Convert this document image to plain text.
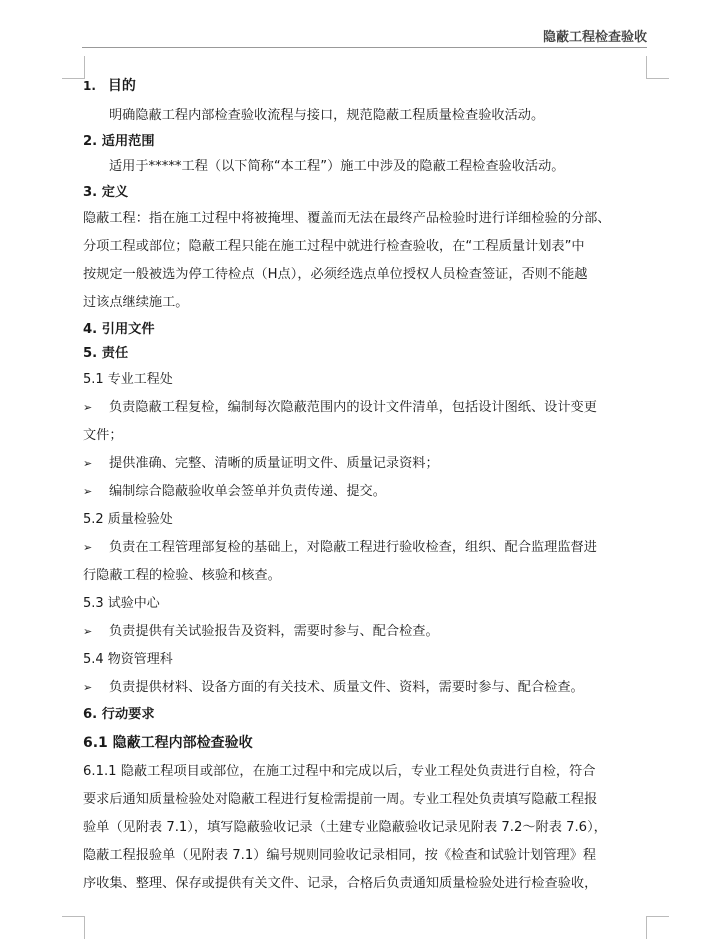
隐蔽工程检查验收
1. 目的

明确隐蔽工程内部检查验收流程与接口，规范隐蔽工程质量检查验收活动。

2. 适用范围

适用于*****工程（以下简称“本工程”）施工中涉及的隐蔽工程检查验收活动。

3. 定义

隐蔽工程：指在施工过程中将被掩埋、覆盖而无法在最终产品检验时进行详细检验的分部、

分项工程或部位；隐蔽工程只能在施工过程中就进行检查验收，在“工程质量计划表”中

按规定一般被选为停工待检点（H点），必须经选点单位授权人员检查签证，否则不能越

过该点继续施工。

4. 引用文件

5. 责任

5.1 专业工程处

➢ 负责隐蔽工程复检，编制每次隐蔽范围内的设计文件清单，包括设计图纸、设计变更

文件；

➢ 提供准确、完整、清晰的质量证明文件、质量记录资料；

➢ 编制综合隐蔽验收单会签单并负责传递、提交。

5.2 质量检验处

➢ 负责在工程管理部复检的基础上，对隐蔽工程进行验收检查，组织、配合监理监督进

行隐蔽工程的检验、核验和核查。

5.3 试验中心

➢ 负责提供有关试验报告及资料，需要时参与、配合检查。

5.4 物资管理科

➢ 负责提供材料、设备方面的有关技术、质量文件、资料，需要时参与、配合检查。

6. 行动要求

6.1 隐蔽工程内部检查验收

6.1.1 隐蔽工程项目或部位，在施工过程中和完成以后，专业工程处负责进行自检，符合

要求后通知质量检验处对隐蔽工程进行复检需提前一周。专业工程处负责填写隐蔽工程报

验单（见附表 7.1），填写隐蔽验收记录（土建专业隐蔽验收记录见附表 7.2～附表 7.6），

隐蔽工程报验单（见附表 7.1）编号规则同验收记录相同，按《检查和试验计划管理》程

序收集、整理、保存或提供有关文件、记录，合格后负责通知质量检验处进行检查验收，
